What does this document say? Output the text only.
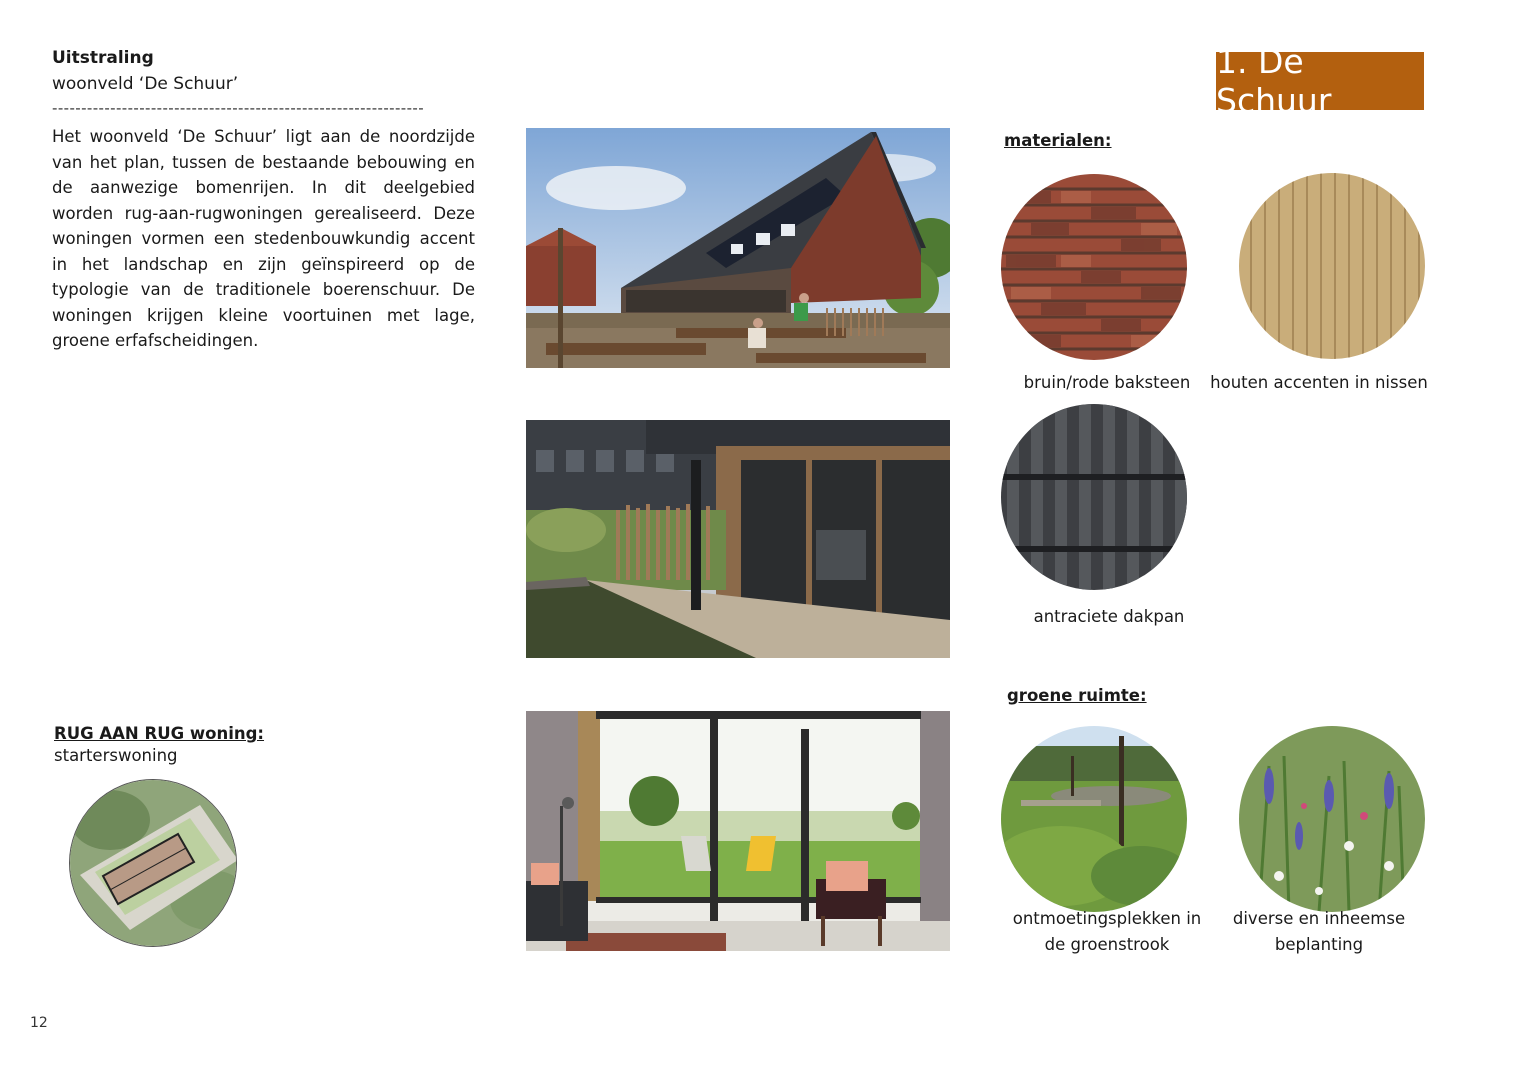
Uitstraling
woonveld ‘De Schuur’
----------------------------------------------------------------
Het woonveld ‘De Schuur’ ligt aan de noordzijde van het plan, tussen de bestaande bebouwing en de aanwezige bomenrijen. In dit deelgebied worden rug-aan-rugwoningen gerealiseerd. Deze woningen vormen een stedenbouwkundig accent in het landschap en zijn geïnspireerd op de typologie van de traditionele boerenschuur. De woningen krijgen kleine voortuinen met lage, groene erfafscheidingen.
1. De Schuur
materialen:
bruin/rode baksteen	houten accenten in nissen
antraciete dakpan
groene ruimte:
ontmoetingsplekken in
de groenstrook
diverse en inheemse
beplanting
RUG AAN RUG woning:
starterswoning
12
